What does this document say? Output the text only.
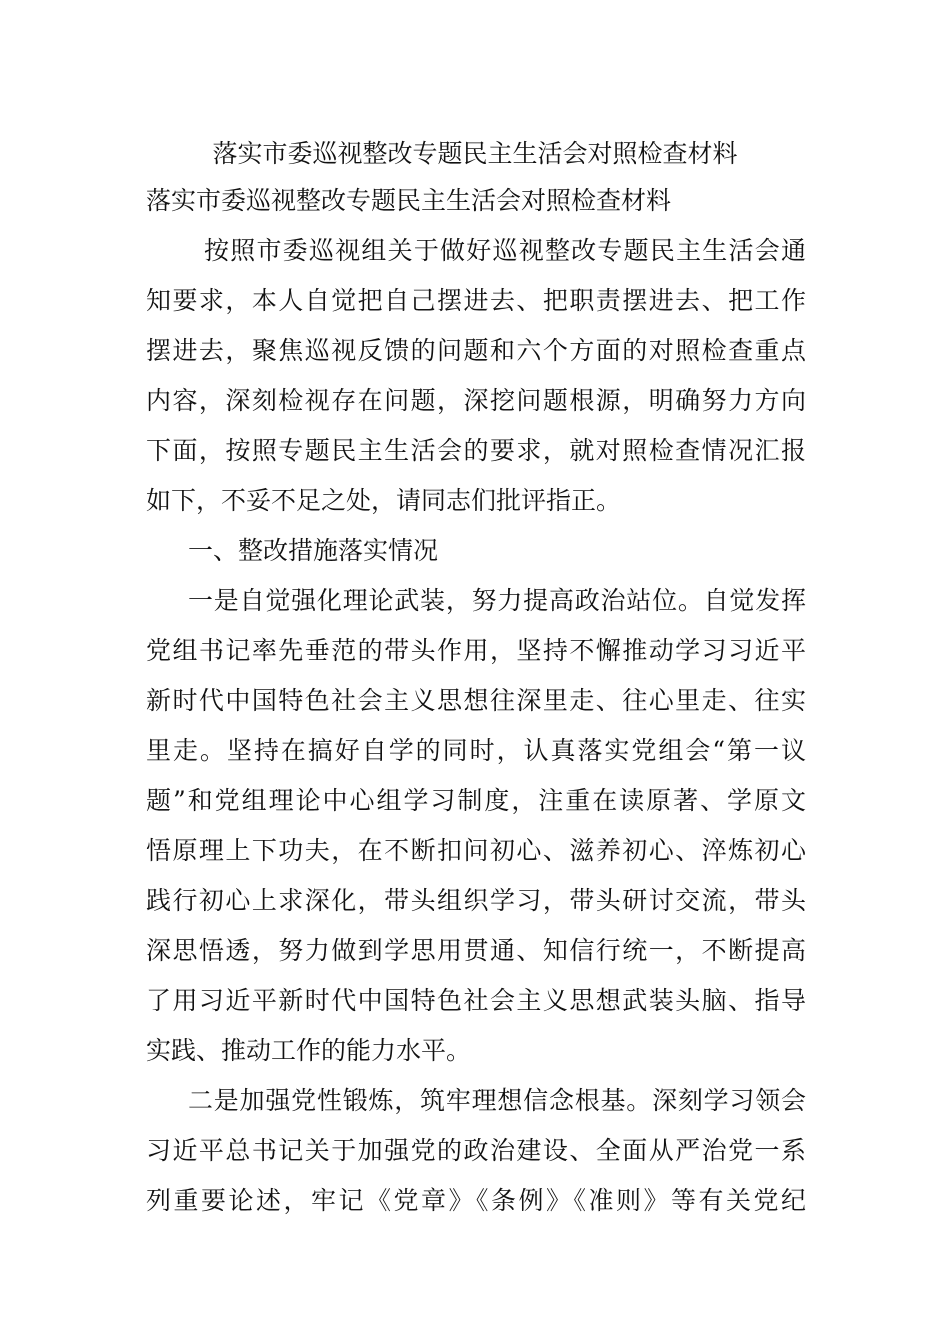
落实市委巡视整改专题民主生活会对照检查材料
落实市委巡视整改专题民主生活会对照检查材料
按照市委巡视组关于做好巡视整改专题民主生活会通
知要求，本人自觉把自己摆进去、把职责摆进去、把工作
摆进去，聚焦巡视反馈的问题和六个方面的对照检查重点
内容，深刻检视存在问题，深挖问题根源，明确努力方向
下面，按照专题民主生活会的要求，就对照检查情况汇报
如下，不妥不足之处，请同志们批评指正。
一、整改措施落实情况
一是自觉强化理论武装，努力提高政治站位。自觉发挥
党组书记率先垂范的带头作用，坚持不懈推动学习习近平
新时代中国特色社会主义思想往深里走、往心里走、往实
里走。坚持在搞好自学的同时，认真落实党组会“第一议
题”和党组理论中心组学习制度，注重在读原著、学原文
悟原理上下功夫，在不断扣问初心、滋养初心、淬炼初心
践行初心上求深化，带头组织学习，带头研讨交流，带头
深思悟透，努力做到学思用贯通、知信行统一，不断提高
了用习近平新时代中国特色社会主义思想武装头脑、指导
实践、推动工作的能力水平。
二是加强党性锻炼，筑牢理想信念根基。深刻学习领会
习近平总书记关于加强党的政治建设、全面从严治党一系
列重要论述，牢记《党章》《条例》《准则》等有关党纪
